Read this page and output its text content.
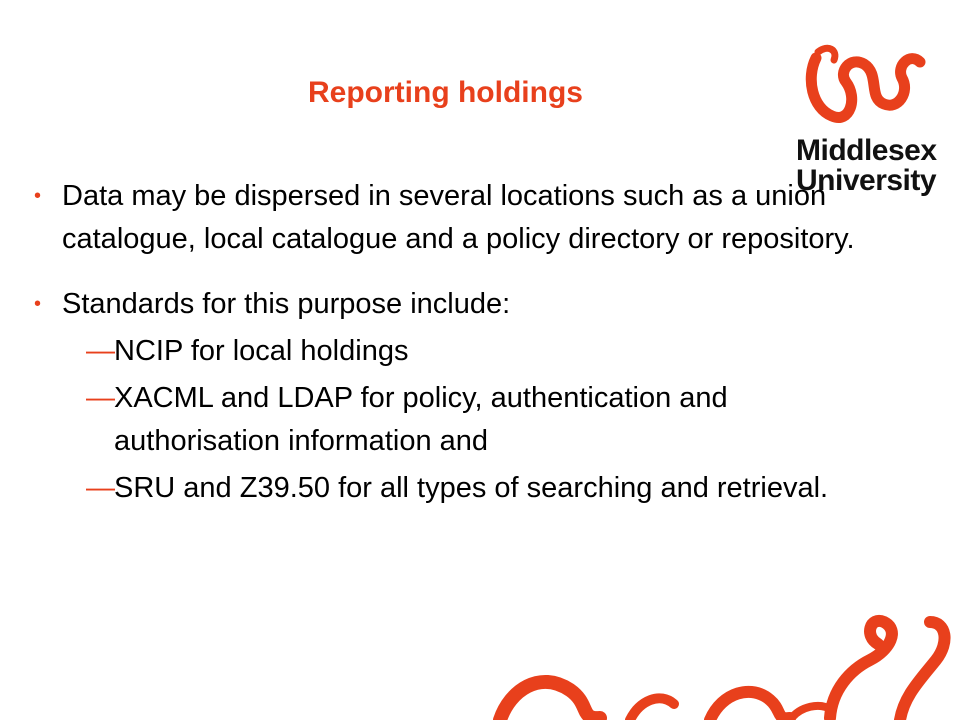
Reporting holdings
Middlesex
University
• Data may be dispersed in several locations such as a union catalogue, local catalogue and a policy directory or repository.
• Standards for this purpose include:
— NCIP for local holdings
— XACML and LDAP for policy, authentication and authorisation information and
— SRU and Z39.50 for all types of searching and retrieval.
